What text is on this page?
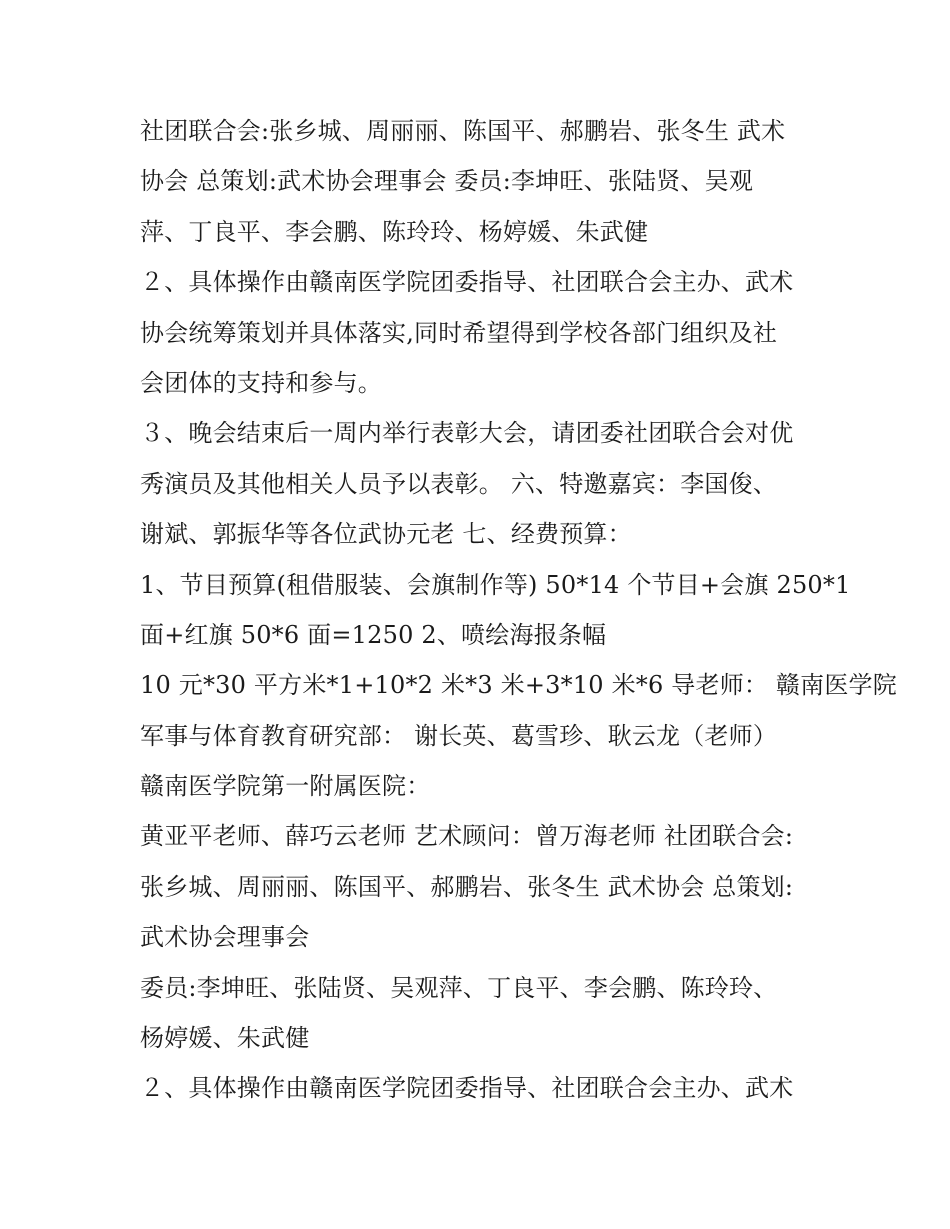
社团联合会:张乡城、周丽丽、陈国平、郝鹏岩、张冬生 武术
协会 总策划:武术协会理事会 委员:李坤旺、张陆贤、吴观
萍、丁良平、李会鹏、陈玲玲、杨婷媛、朱武健
２、具体操作由赣南医学院团委指导、社团联合会主办、武术
协会统筹策划并具体落实,同时希望得到学校各部门组织及社
会团体的支持和参与。
３、晚会结束后一周内举行表彰大会，请团委社团联合会对优
秀演员及其他相关人员予以表彰。 六、特邀嘉宾：李国俊、
谢斌、郭振华等各位武协元老 七、经费预算：
1、节目预算(租借服装、会旗制作等) 50*14 个节目+会旗 250*1
面+红旗 50*6 面=1250 2、喷绘海报条幅
10 元*30 平方米*1+10*2 米*3 米+3*10 米*6 导老师： 赣南医学院
军事与体育教育研究部： 谢长英、葛雪珍、耿云龙（老师）
赣南医学院第一附属医院：
黄亚平老师、薛巧云老师 艺术顾问：曾万海老师 社团联合会:
张乡城、周丽丽、陈国平、郝鹏岩、张冬生 武术协会 总策划:
武术协会理事会
委员:李坤旺、张陆贤、吴观萍、丁良平、李会鹏、陈玲玲、
杨婷媛、朱武健
２、具体操作由赣南医学院团委指导、社团联合会主办、武术
